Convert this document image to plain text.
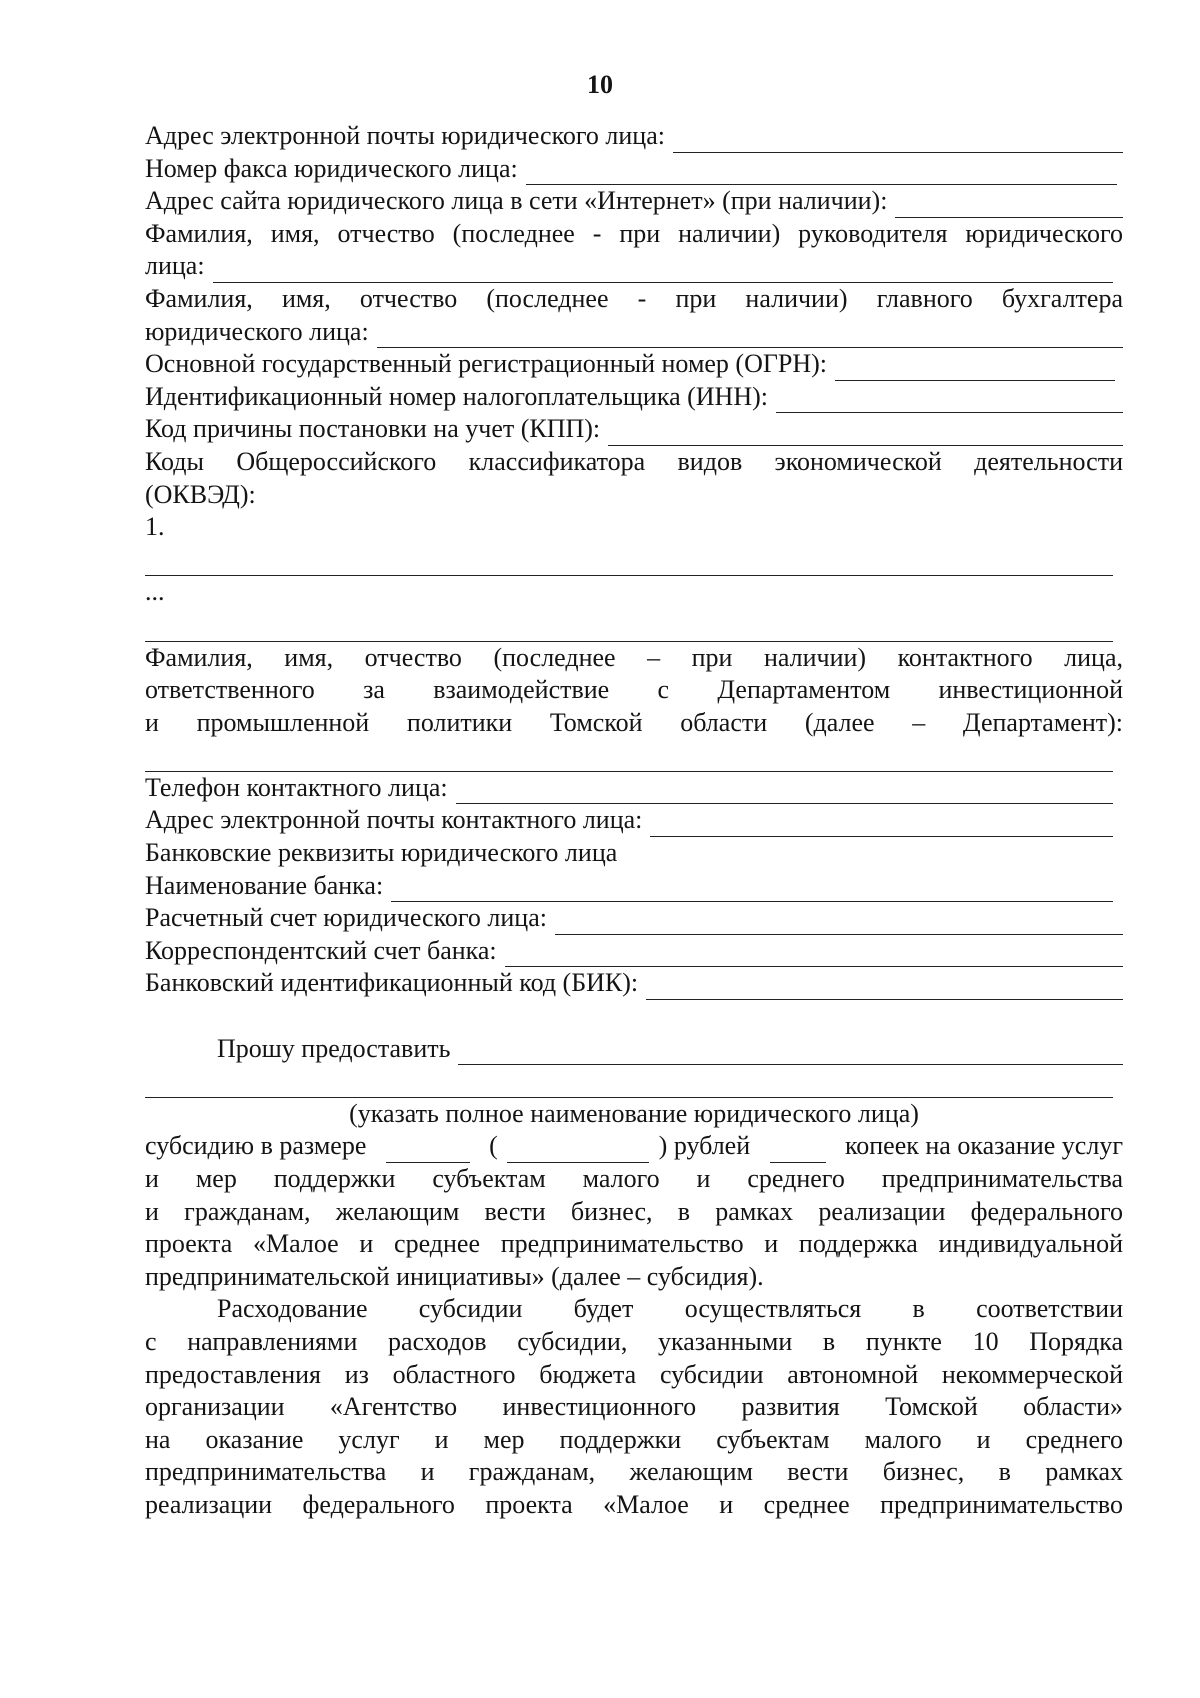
10
Адрес электронной почты юридического лица:
Номер факса юридического лица:
Адрес сайта юридического лица в сети «Интернет» (при наличии):
Фамилия, имя, отчество (последнее - при наличии) руководителя юридического
лица:
Фамилия, имя, отчество (последнее - при наличии) главного бухгалтера
юридического лица:
Основной государственный регистрационный номер (ОГРН):
Идентификационный номер налогоплательщика (ИНН):
Код причины постановки на учет (КПП):
Коды Общероссийского классификатора видов экономической деятельности
(ОКВЭД):
1.
...
Фамилия, имя, отчество (последнее – при наличии) контактного лица,
ответственного за взаимодействие с Департаментом инвестиционной
и промышленной политики Томской области (далее – Департамент):
Телефон контактного лица:
Адрес электронной почты контактного лица:
Банковские реквизиты юридического лица
Наименование банка:
Расчетный счет юридического лица:
Корреспондентский счет банка:
Банковский идентификационный код (БИК):
Прошу предоставить
(указать полное наименование юридического лица)
субсидию в размере	(	) рублей	копеек на оказание услуг
и мер поддержки субъектам малого и среднего предпринимательства
и гражданам, желающим вести бизнес, в рамках реализации федерального
проекта «Малое и среднее предпринимательство и поддержка индивидуальной
предпринимательской инициативы» (далее – субсидия).
Расходование субсидии будет осуществляться в соответствии
с направлениями расходов субсидии, указанными в пункте 10 Порядка
предоставления из областного бюджета субсидии автономной некоммерческой
организации «Агентство инвестиционного развития Томской области»
на оказание услуг и мер поддержки субъектам малого и среднего
предпринимательства и гражданам, желающим вести бизнес, в рамках
реализации федерального проекта «Малое и среднее предпринимательство
